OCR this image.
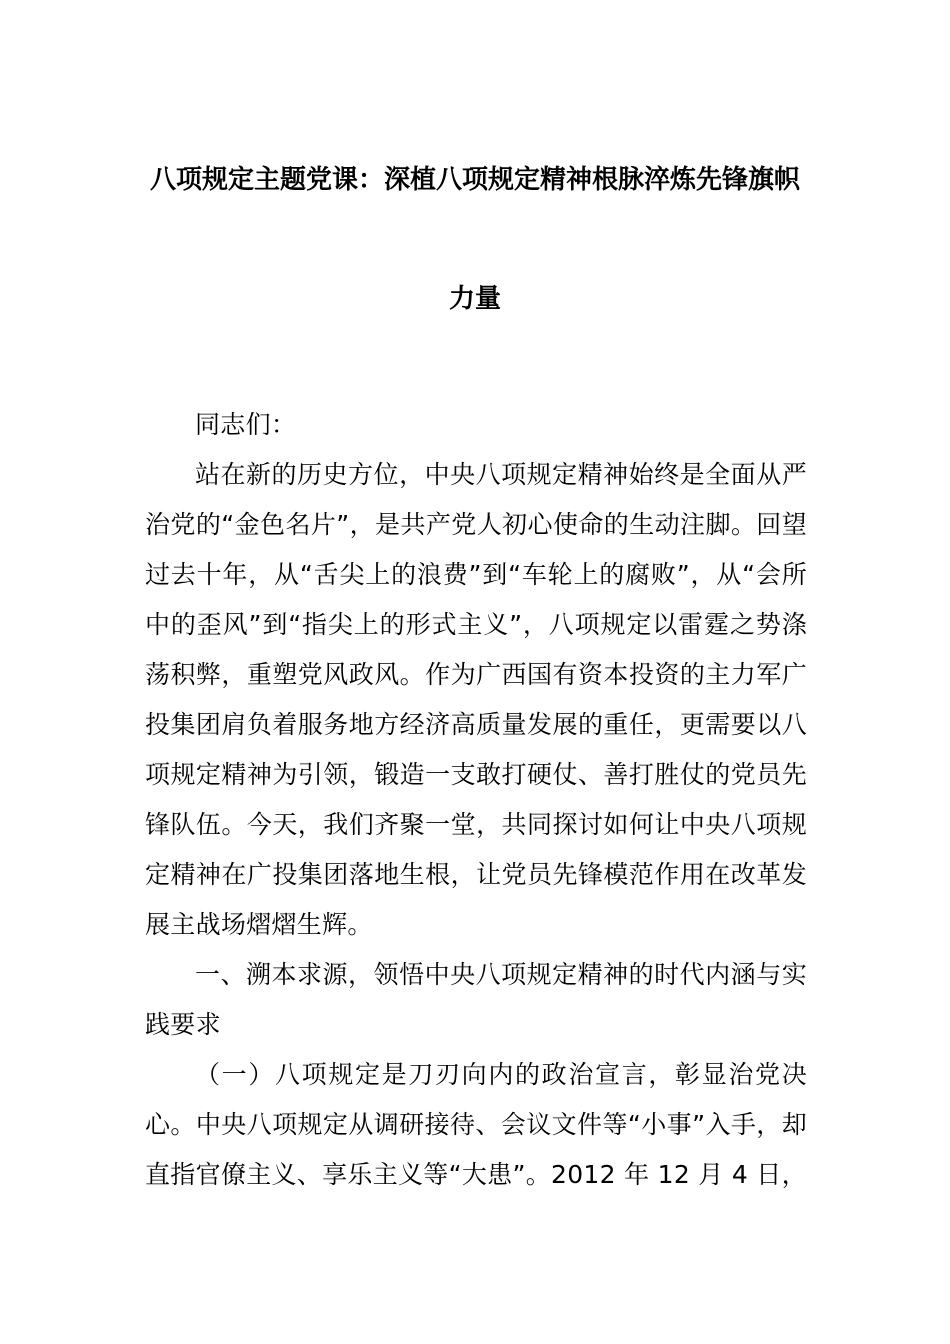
八项规定主题党课：深植八项规定精神根脉淬炼先锋旗帜
力量

同志们：

站在新的历史方位，中央八项规定精神始终是全面从严治党的“金色名片”，是共产党人初心使命的生动注脚。回望过去十年，从“舌尖上的浪费”到“车轮上的腐败”，从“会所中的歪风”到“指尖上的形式主义”，八项规定以雷霆之势涤荡积弊，重塑党风政风。作为广西国有资本投资的主力军广投集团肩负着服务地方经济高质量发展的重任，更需要以八项规定精神为引领，锻造一支敢打硬仗、善打胜仗的党员先锋队伍。今天，我们齐聚一堂，共同探讨如何让中央八项规定精神在广投集团落地生根，让党员先锋模范作用在改革发展主战场熠熠生辉。

一、溯本求源，领悟中央八项规定精神的时代内涵与实践要求

（一）八项规定是刀刃向内的政治宣言，彰显治党决心。中央八项规定从调研接待、会议文件等“小事”入手，却直指官僚主义、享乐主义等“大患”。2012 年 12 月 4 日，
